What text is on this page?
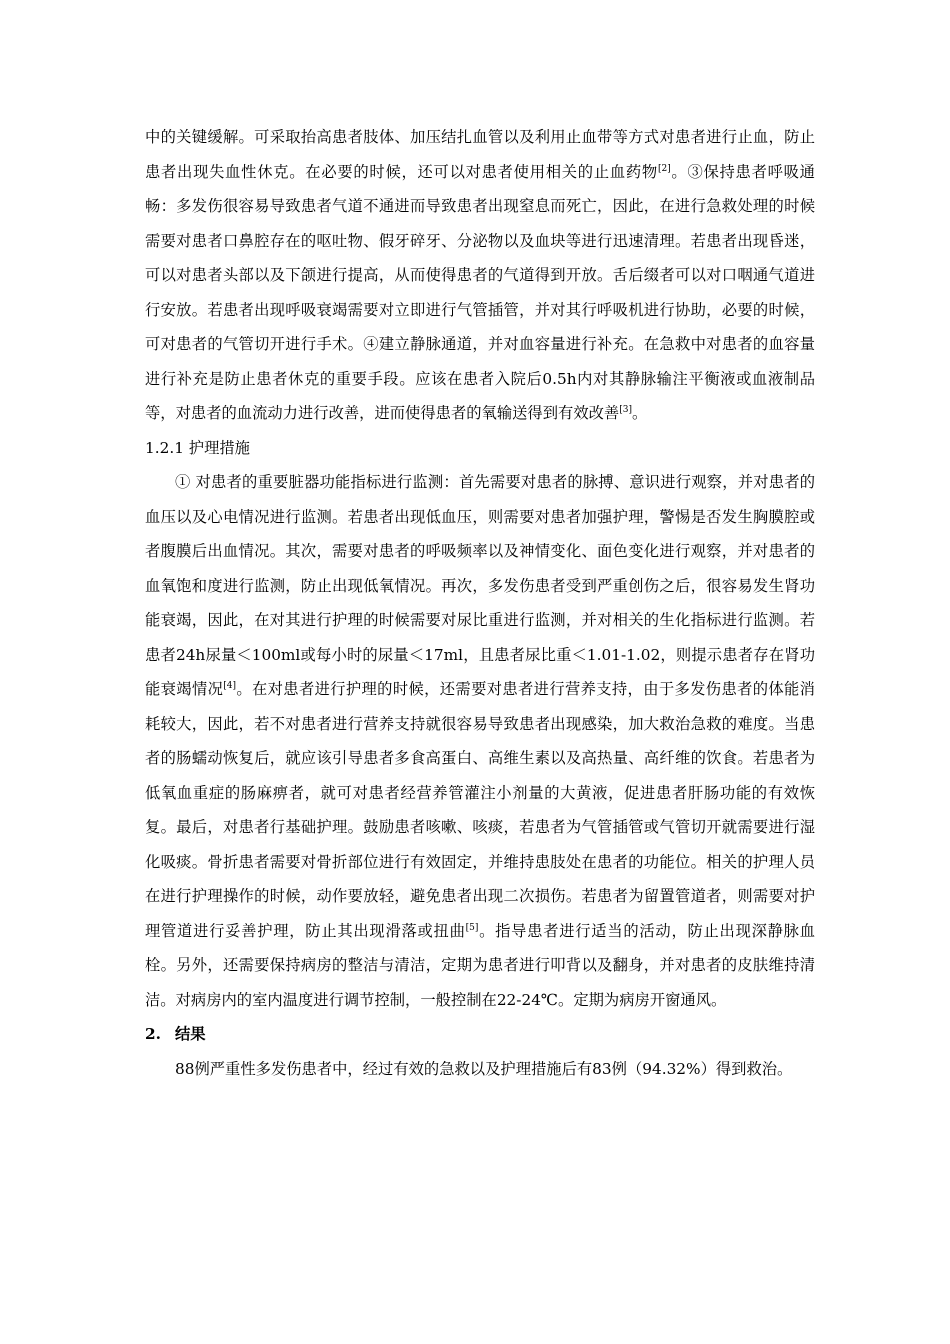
中的关键缓解。可采取抬高患者肢体、加压结扎血管以及利用止血带等方式对患者进行止血，防止患者出现失血性休克。在必要的时候，还可以对患者使用相关的止血药物[2]。③保持患者呼吸通畅：多发伤很容易导致患者气道不通进而导致患者出现窒息而死亡，因此，在进行急救处理的时候需要对患者口鼻腔存在的呕吐物、假牙碎牙、分泌物以及血块等进行迅速清理。若患者出现昏迷，可以对患者头部以及下颌进行提高，从而使得患者的气道得到开放。舌后缀者可以对口咽通气道进行安放。若患者出现呼吸衰竭需要对立即进行气管插管，并对其行呼吸机进行协助，必要的时候，可对患者的气管切开进行手术。④建立静脉通道，并对血容量进行补充。在急救中对患者的血容量进行补充是防止患者休克的重要手段。应该在患者入院后0.5h内对其静脉输注平衡液或血液制品等，对患者的血流动力进行改善，进而使得患者的氧输送得到有效改善[3]。

1.2.1 护理措施

① 对患者的重要脏器功能指标进行监测：首先需要对患者的脉搏、意识进行观察，并对患者的血压以及心电情况进行监测。若患者出现低血压，则需要对患者加强护理，警惕是否发生胸膜腔或者腹膜后出血情况。其次，需要对患者的呼吸频率以及神情变化、面色变化进行观察，并对患者的血氧饱和度进行监测，防止出现低氧情况。再次，多发伤患者受到严重创伤之后，很容易发生肾功能衰竭，因此，在对其进行护理的时候需要对尿比重进行监测，并对相关的生化指标进行监测。若患者24h尿量＜100ml或每小时的尿量＜17ml，且患者尿比重＜1.01-1.02，则提示患者存在肾功能衰竭情况[4]。在对患者进行护理的时候，还需要对患者进行营养支持，由于多发伤患者的体能消耗较大，因此，若不对患者进行营养支持就很容易导致患者出现感染，加大救治急救的难度。当患者的肠蠕动恢复后，就应该引导患者多食高蛋白、高维生素以及高热量、高纤维的饮食。若患者为低氧血重症的肠麻痹者，就可对患者经营养管灌注小剂量的大黄液，促进患者肝肠功能的有效恢复。最后，对患者行基础护理。鼓励患者咳嗽、咳痰，若患者为气管插管或气管切开就需要进行湿化吸痰。骨折患者需要对骨折部位进行有效固定，并维持患肢处在患者的功能位。相关的护理人员在进行护理操作的时候，动作要放轻，避免患者出现二次损伤。若患者为留置管道者，则需要对护理管道进行妥善护理，防止其出现滑落或扭曲[5]。指导患者进行适当的活动，防止出现深静脉血栓。另外，还需要保持病房的整洁与清洁，定期为患者进行叩背以及翻身，并对患者的皮肤维持清洁。对病房内的室内温度进行调节控制，一般控制在22-24℃。定期为病房开窗通风。

2. 结果

88例严重性多发伤患者中，经过有效的急救以及护理措施后有83例（94.32%）得到救治。
